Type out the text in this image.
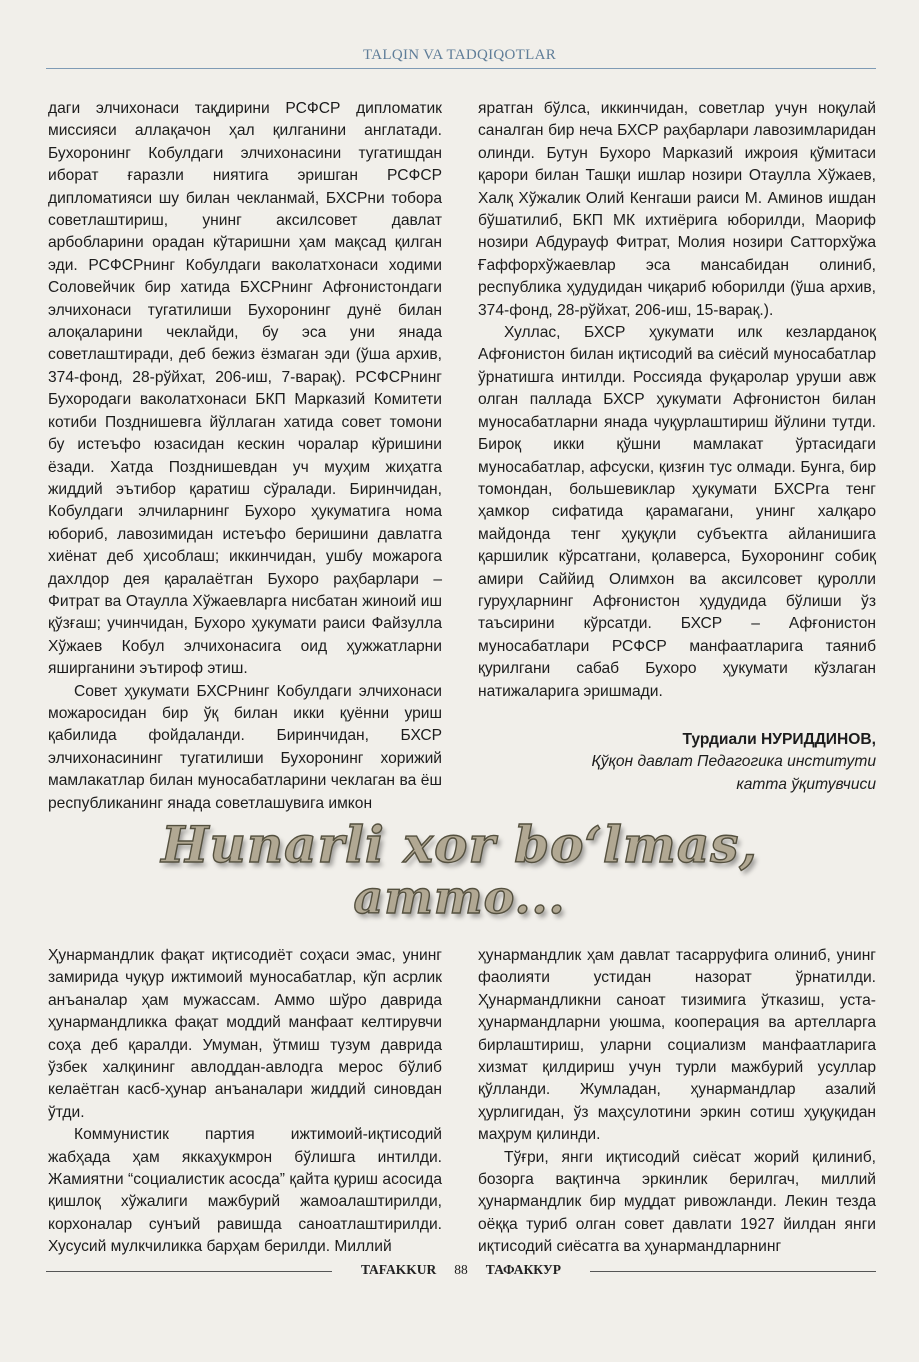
TALQIN VA TADQIQOTLAR

даги элчихонаси тақдирини РСФСР дипломатик миссияси аллақачон ҳал қилганини англатади. Бухоронинг Кобулдаги элчихонасини тугатишдан иборат ғаразли ниятига эришган РСФСР дипломатияси шу билан чекланмай, БХСРни тобора советлаштириш, унинг аксилсовет давлат арбобларини орадан кўтаришни ҳам мақсад қилган эди. РСФСРнинг Кобулдаги ваколатхонаси ходими Соловейчик бир хатида БХСРнинг Афғонистондаги элчихонаси тугатилиши Бухоронинг дунё билан алоқаларини чеклайди, бу эса уни янада советлаштиради, деб бежиз ёзмаган эди (ўша архив, 374-фонд, 28-рўйхат, 206-иш, 7-варақ). РСФСРнинг Бухородаги ваколатхонаси БКП Марказий Комитети котиби Позднишевга йўллаган хатида совет томони бу истеъфо юзасидан кескин чоралар кўришини ёзади. Хатда Позднишевдан уч муҳим жиҳатга жиддий эътибор қаратиш сўралади. Биринчидан, Кобулдаги элчиларнинг Бухоро ҳукуматига нома юбориб, лавозимидан истеъфо беришини давлатга хиёнат деб ҳисоблаш; иккинчидан, ушбу можарога дахлдор дея қаралаётган Бухоро раҳбарлари – Фитрат ва Отаулла Хўжаевларга нисбатан жиноий иш қўзғаш; учинчидан, Бухоро ҳукумати раиси Файзулла Хўжаев Кобул элчихонасига оид ҳужжатларни яширганини эътироф этиш.

Совет ҳукумати БХСРнинг Кобулдаги элчихонаси можаросидан бир ўқ билан икки қуённи уриш қабилида фойдаланди. Биринчидан, БХСР элчихонасининг тугатилиши Бухоронинг хорижий мамлакатлар билан муносабатларини чеклаган ва ёш республиканинг янада советлашувига имкон

яратган бўлса, иккинчидан, советлар учун ноқулай саналган бир неча БХСР раҳбарлари лавозимларидан олинди. Бутун Бухоро Марказий ижроия қўмитаси қарори билан Ташқи ишлар нозири Отаулла Хўжаев, Халқ Хўжалик Олий Кенгаши раиси М. Аминов ишдан бўшатилиб, БКП МК ихтиёрига юборилди, Маориф нозири Абдурауф Фитрат, Молия нозири Сатторхўжа Ғаффорхўжаевлар эса мансабидан олиниб, республика ҳудудидан чиқариб юборилди (ўша архив, 374-фонд, 28-рўйхат, 206-иш, 15-варақ.).

Хуллас, БХСР ҳукумати илк кезларданоқ Афғонистон билан иқтисодий ва сиёсий муносабатлар ўрнатишга интилди. Россияда фуқаролар уруши авж олган паллада БХСР ҳукумати Афғонистон билан муносабатларни янада чуқурлаштириш йўлини тутди. Бироқ икки қўшни мамлакат ўртасидаги муносабатлар, афсуски, қизғин тус олмади. Бунга, бир томондан, большевиклар ҳукумати БХСРга тенг ҳамкор сифатида қарамагани, унинг халқаро майдонда тенг ҳуқуқли субъектга айланишига қаршилик кўрсатгани, қолаверса, Бухоронинг собиқ амири Саййид Олимхон ва аксилсовет қуролли гуруҳларнинг Афғонистон ҳудудида бўлиши ўз таъсирини кўрсатди. БХСР – Афғонистон муносабатлари РСФСР манфаатларига таяниб қурилгани сабаб Бухоро ҳукумати кўзлаган натижаларига эришмади.

Турдиали НУРИДДИНОВ,
Қўқон давлат Педагогика институти
катта ўқитувчиси
Hunarli xor bo‘lmas,
ammo...

Ҳунармандлик фақат иқтисодиёт соҳаси эмас, унинг замирида чуқур ижтимоий муносабатлар, кўп асрлик анъаналар ҳам мужассам. Аммо шўро даврида ҳунармандликка фақат моддий манфаат келтирувчи соҳа деб қаралди. Умуман, ўтмиш тузум даврида ўзбек халқининг авлоддан-авлодга мерос бўлиб келаётган касб-ҳунар анъаналари жиддий синовдан ўтди.

Коммунистик партия ижтимоий-иқтисодий жабҳада ҳам яккаҳукмрон бўлишга интилди. Жамиятни “социалистик асосда” қайта қуриш асосида қишлоқ хўжалиги мажбурий жамоалаштирилди, корхоналар сунъий равишда саноатлаштирилди. Хусусий мулкчиликка барҳам берилди. Миллий

ҳунармандлик ҳам давлат тасарруфига олиниб, унинг фаолияти устидан назорат ўрнатилди. Ҳунармандликни саноат тизимига ўтказиш, уста-ҳунармандларни уюшма, кооперация ва артелларга бирлаштириш, уларни социализм манфаатларига хизмат қилдириш учун турли мажбурий усуллар қўлланди. Жумладан, ҳунармандлар азалий ҳурлигидан, ўз маҳсулотини эркин сотиш ҳуқуқидан маҳрум қилинди.

Тўғри, янги иқтисодий сиёсат жорий қилиниб, бозорга вақтинча эркинлик берилгач, миллий ҳунармандлик бир муддат ривожланди. Лекин тезда оёққа туриб олган совет давлати 1927 йилдан янги иқтисодий сиёсатга ва ҳунармандларнинг

TAFAKKUR 88 ТАФАККУР
